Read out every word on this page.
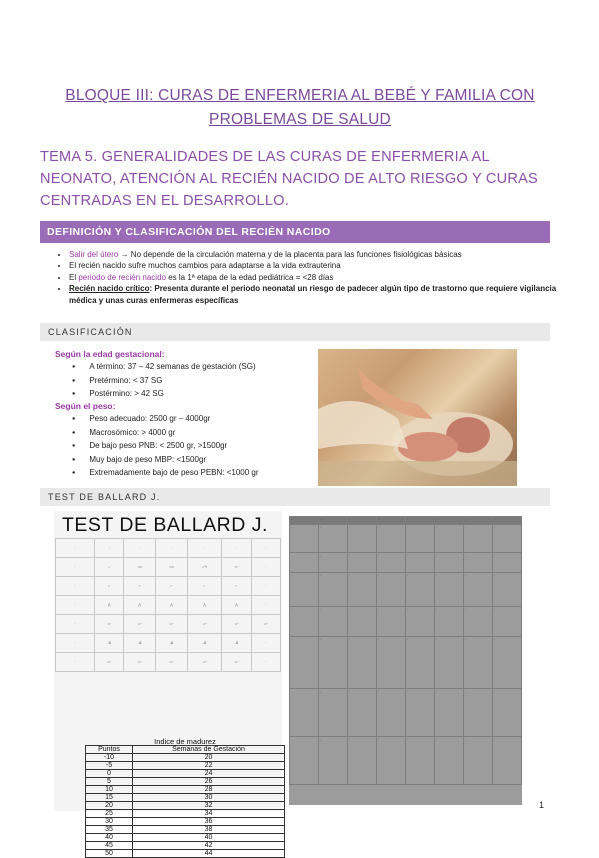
BLOQUE III: CURAS DE ENFERMERIA AL BEBÉ Y FAMILIA CON PROBLEMAS DE SALUD
TEMA 5. GENERALIDADES DE LAS CURAS DE ENFERMERIA AL NEONATO, ATENCIÓN AL RECIÉN NACIDO DE ALTO RIESGO Y CURAS CENTRADAS EN EL DESARROLLO.
DEFINICIÓN Y CLASIFICACIÓN DEL RECIÉN NACIDO
• Salir del útero → No depende de la circulación materna y de la placenta para las funciones fisiológicas básicas
• El recién nacido sufre muchos cambios para adaptarse a la vida extrauterina
• El periodo de recién nacido es la 1ª etapa de la edad pediátrica = <28 días
• Recién nacido crítico: Presenta durante el periodo neonatal un riesgo de padecer algún tipo de trastorno que requiere vigilancia médica y unas curas enfermeras específicas
CLASIFICACIÓN
Según la edad gestacional:
● A término: 37 – 42 semanas de gestación (SG)
● Pretérmino: < 37 SG
● Postérmino: > 42 SG
Según el peso:
● Peso adecuado: 2500 gr – 4000gr
● Macrosómico: > 4000 gr
● De bajo peso PNB: < 2500 gr, >1500gr
● Muy bajo de peso MBP: <1500gr
● Extremadamente bajo de peso PEBN: <1000 gr
TEST DE BALLARD J.
TEST DE BALLARD J.
·	·	·	·	·	·	·
·	○	○═	○═	○↰	○⌐	·
·	⌐	⌐	⌐	⌐	⌐	·
·	⋀	⋀	⋀	⋀	⋀	·
·	○⌐	○⌐	○⌐	○⌐	○⌐	○⌐
·	-8	-8	-8	-8	-8	·
·	○⌐	○⌐	○⌐	○⌐	○⌐	·
Indice de madurez	
Puntos	Semanas de Gestación
-10	20
-5	22
0	24
5	26
10	28
15	30
20	32
25	34
30	36
35	38
40	40
45	42
50	44
·	·	·	·	·	·	·	·
·	·	·	·	·	·	·	·
·	·	·	·	·	·	·	·
·	·	·	·	·	·	·	·
·	·	·	·	·	·	·	·
·	·	·	·	·	·	·	·
·	·	·	·	·	·	·	·
·	·	·	·	·	·	·	·
1
